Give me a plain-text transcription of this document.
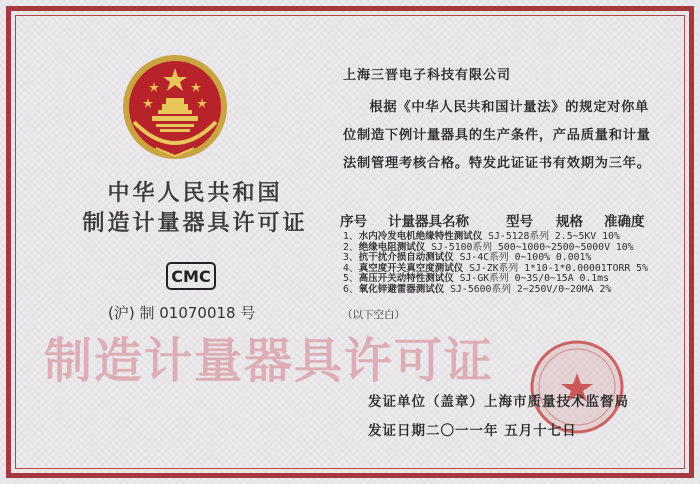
中华人民共和国
制造计量器具许可证
CMC
(沪) 制 01070018 号
上海三晋电子科技有限公司
根据《中华人民共和国计量法》的规定对你单位制造下例计量器具的生产条件，产品质量和计量法制管理考核合格。特发此证证书有效期为三年。
序号 计量器具名称	型号 规格 准确度
1、水内冷发电机绝缘特性测试仪 SJ-5128系列 2.5~5KV 10%
2、绝缘电阻测试仪 SJ-5100系列 500~1000~2500~5000V 10%
3、抗干扰介损自动测试仪 SJ-4C系列 0~100% 0.001%
4、真空度开关真空度测试仪 SJ-ZK系列 1*10-1*0.00001TORR 5%
5、高压开关动特性测试仪 SJ-GK系列 0~3S/0~15A 0.1ms
6、氧化锌避雷器测试仪 SJ-5600系列 2~250V/0~20MA 2%
（以下空白）
制造计量器具许可证
发证单位（盖章）上海市质量技术监督局
发证日期二〇一一年 五月十七日
